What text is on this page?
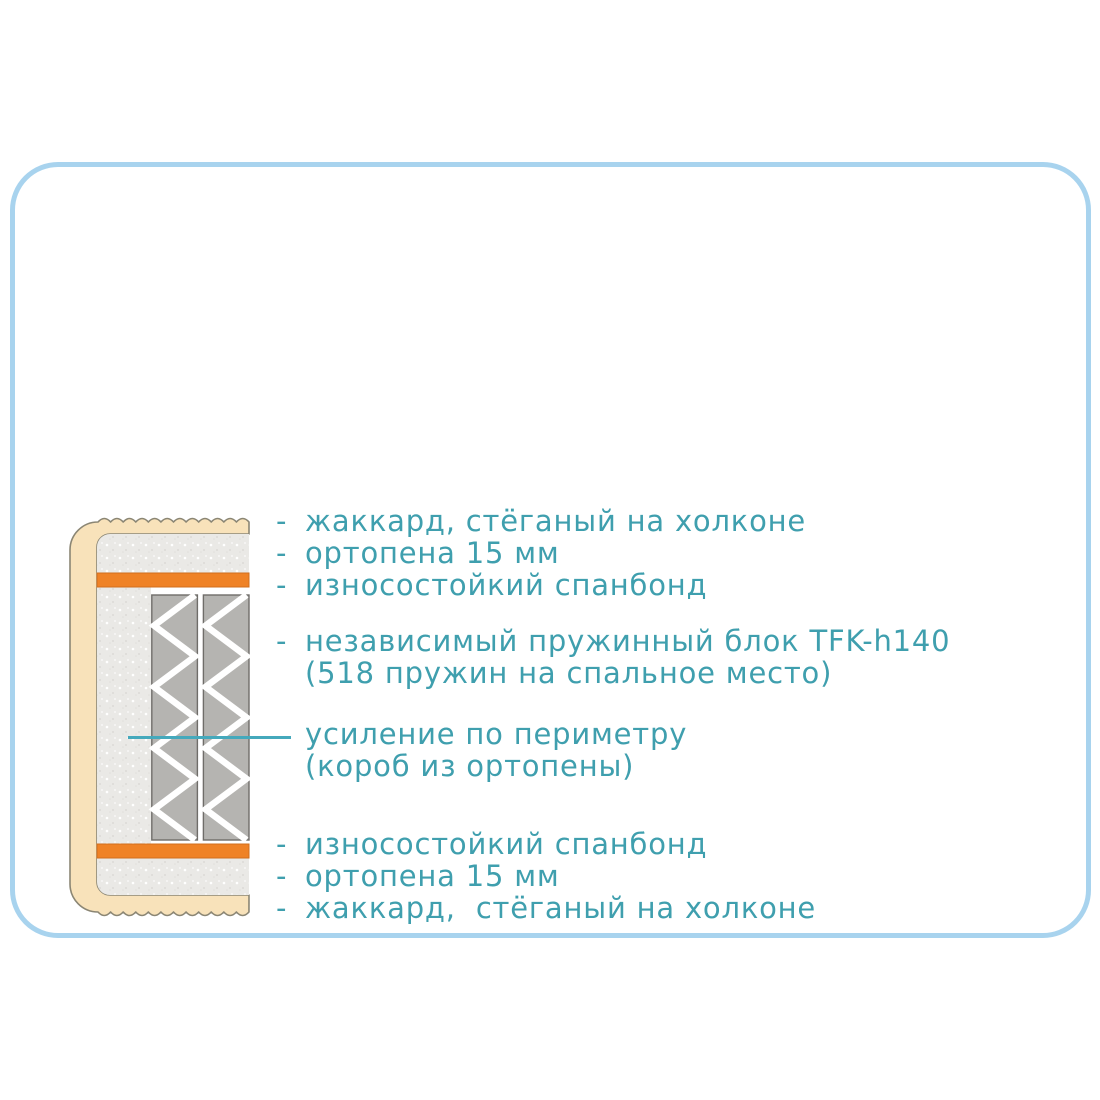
- жаккард, стёганый на холконе
- ортопена 15 мм
- износостойкий спанбонд
- независимый пружинный блок TFK-h140
(518 пружин на спальное место)
усиление по периметру
(короб из ортопены)
- износостойкий спанбонд
- ортопена 15 мм
- жаккард,  стёганый на холконе
